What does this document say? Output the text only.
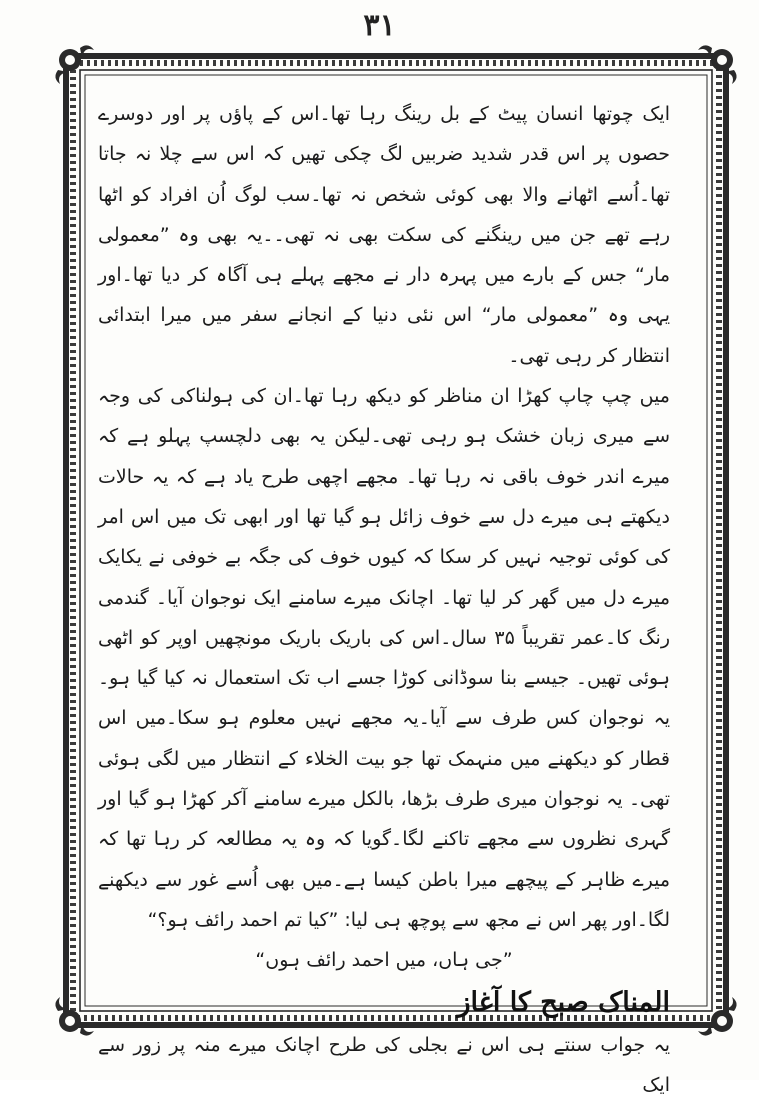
۳۱

ایک چوتھا انسان پیٹ کے بل رینگ رہا تھا۔اس کے پاؤں پر اور دوسرے حصوں پر اس قدر شدید ضربیں لگ چکی تھیں کہ اس سے چلا نہ جاتا تھا۔اُسے اٹھانے والا بھی کوئی شخص نہ تھا۔سب لوگ اُن افراد کو اٹھا رہے تھے جن میں رینگنے کی سکت بھی نہ تھی۔۔یہ بھی وہ ”معمولی مار“ جس کے بارے میں پہرہ دار نے مجھے پہلے ہی آگاہ کر دیا تھا۔اور یہی وہ ”معمولی مار“ اس نئی دنیا کے انجانے سفر میں میرا ابتدائی انتظار کر رہی تھی۔

میں چپ چاپ کھڑا ان مناظر کو دیکھ رہا تھا۔ان کی ہولناکی کی وجہ سے میری زبان خشک ہو رہی تھی۔لیکن یہ بھی دلچسپ پہلو ہے کہ میرے اندر خوف باقی نہ رہا تھا۔ مجھے اچھی طرح یاد ہے کہ یہ حالات دیکھتے ہی میرے دل سے خوف زائل ہو گیا تھا اور ابھی تک میں اس امر کی کوئی توجیہ نہیں کر سکا کہ کیوں خوف کی جگہ بے خوفی نے یکایک میرے دل میں گھر کر لیا تھا۔ اچانک میرے سامنے ایک نوجوان آیا۔ گندمی رنگ کا۔عمر تقریباً ۳۵ سال۔اس کی باریک باریک مونچھیں اوپر کو اٹھی ہوئی تھیں۔ جیسے بنا سوڈانی کوڑا جسے اب تک استعمال نہ کیا گیا ہو۔ یہ نوجوان کس طرف سے آیا۔یہ مجھے نہیں معلوم ہو سکا۔میں اس قطار کو دیکھنے میں منہمک تھا جو بیت الخلاء کے انتظار میں لگی ہوئی تھی۔ یہ نوجوان میری طرف بڑھا، بالکل میرے سامنے آکر کھڑا ہو گیا اور گہری نظروں سے مجھے تاکنے لگا۔گویا کہ وہ یہ مطالعہ کر رہا تھا کہ میرے ظاہر کے پیچھے میرا باطن کیسا ہے۔میں بھی اُسے غور سے دیکھنے لگا۔اور پھر اس نے مجھ سے پوچھ ہی لیا: ”کیا تم احمد رائف ہو؟“

”جی ہاں، میں احمد رائف ہوں“

المناک صبح کا آغاز

یہ جواب سنتے ہی اس نے بجلی کی طرح اچانک میرے منہ پر زور سے ایک
